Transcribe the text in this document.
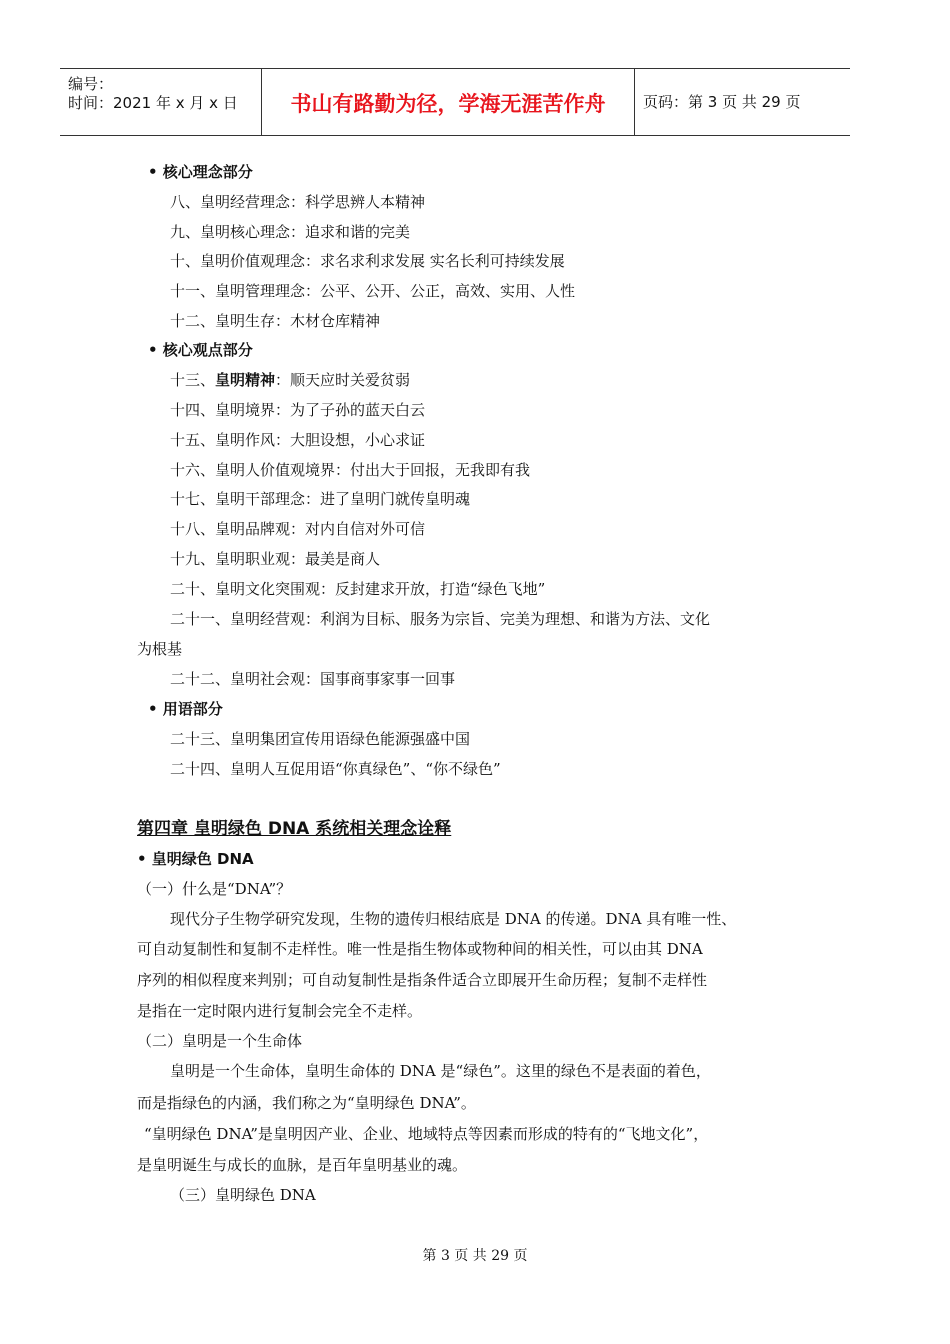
编号：
时间：2021 年 x 月 x 日	书山有路勤为径，学海无涯苦作舟	页码：第 3 页 共 29 页
• 核心理念部分
八、皇明经营理念：科学思辨人本精神
九、皇明核心理念：追求和谐的完美
十、皇明价值观理念：求名求利求发展 实名长利可持续发展
十一、皇明管理理念：公平、公开、公正，高效、实用、人性
十二、皇明生存：木材仓库精神
• 核心观点部分
十三、皇明精神：顺天应时关爱贫弱
十四、皇明境界：为了子孙的蓝天白云
十五、皇明作风：大胆设想，小心求证
十六、皇明人价值观境界：付出大于回报，无我即有我
十七、皇明干部理念：进了皇明门就传皇明魂
十八、皇明品牌观：对内自信对外可信
十九、皇明职业观：最美是商人
二十、皇明文化突围观：反封建求开放，打造“绿色飞地”
二十一、皇明经营观：利润为目标、服务为宗旨、完美为理想、和谐为方法、文化
为根基
二十二、皇明社会观：国事商事家事一回事
• 用语部分
二十三、皇明集团宣传用语绿色能源强盛中国
二十四、皇明人互促用语“你真绿色”、“你不绿色”
第四章 皇明绿色 DNA 系统相关理念诠释
• 皇明绿色 DNA
（一）什么是“DNA”？
现代分子生物学研究发现，生物的遗传归根结底是 DNA 的传递。DNA 具有唯一性、
可自动复制性和复制不走样性。唯一性是指生物体或物种间的相关性，可以由其 DNA
序列的相似程度来判别；可自动复制性是指条件适合立即展开生命历程；复制不走样性
是指在一定时限内进行复制会完全不走样。
（二）皇明是一个生命体
皇明是一个生命体，皇明生命体的 DNA 是“绿色”。这里的绿色不是表面的着色，
而是指绿色的内涵，我们称之为“皇明绿色 DNA”。
“皇明绿色 DNA”是皇明因产业、企业、地域特点等因素而形成的特有的“飞地文化”，
是皇明诞生与成长的血脉，是百年皇明基业的魂。
（三）皇明绿色 DNA
第 3 页 共 29 页
